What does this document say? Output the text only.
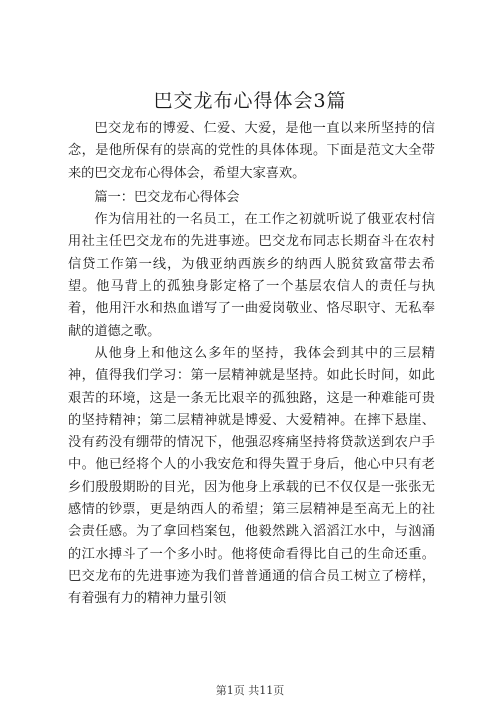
巴交龙布心得体会3篇

巴交龙布的博爱、仁爱、大爱，是他一直以来所坚持的信念，是他所保有的崇高的党性的具体体现。下面是范文大全带来的巴交龙布心得体会，希望大家喜欢。

篇一：巴交龙布心得体会

作为信用社的一名员工，在工作之初就听说了俄亚农村信用社主任巴交龙布的先进事迹。巴交龙布同志长期奋斗在农村信贷工作第一线，为俄亚纳西族乡的纳西人脱贫致富带去希望。他马背上的孤独身影定格了一个基层农信人的责任与执着，他用汗水和热血谱写了一曲爱岗敬业、恪尽职守、无私奉献的道德之歌。

从他身上和他这么多年的坚持，我体会到其中的三层精神，值得我们学习：第一层精神就是坚持。如此长时间，如此艰苦的环境，这是一条无比艰辛的孤独路，这是一种难能可贵的坚持精神；第二层精神就是博爱、大爱精神。在摔下悬崖、没有药没有绷带的情况下，他强忍疼痛坚持将贷款送到农户手中。他已经将个人的小我安危和得失置于身后，他心中只有老乡们殷殷期盼的目光，因为他身上承载的已不仅仅是一张张无感情的钞票，更是纳西人的希望；第三层精神是至高无上的社会责任感。为了拿回档案包，他毅然跳入滔滔江水中，与汹涌的江水搏斗了一个多小时。他将使命看得比自己的生命还重。巴交龙布的先进事迹为我们普普通通的信合员工树立了榜样，有着强有力的精神力量引领

第1页 共11页
